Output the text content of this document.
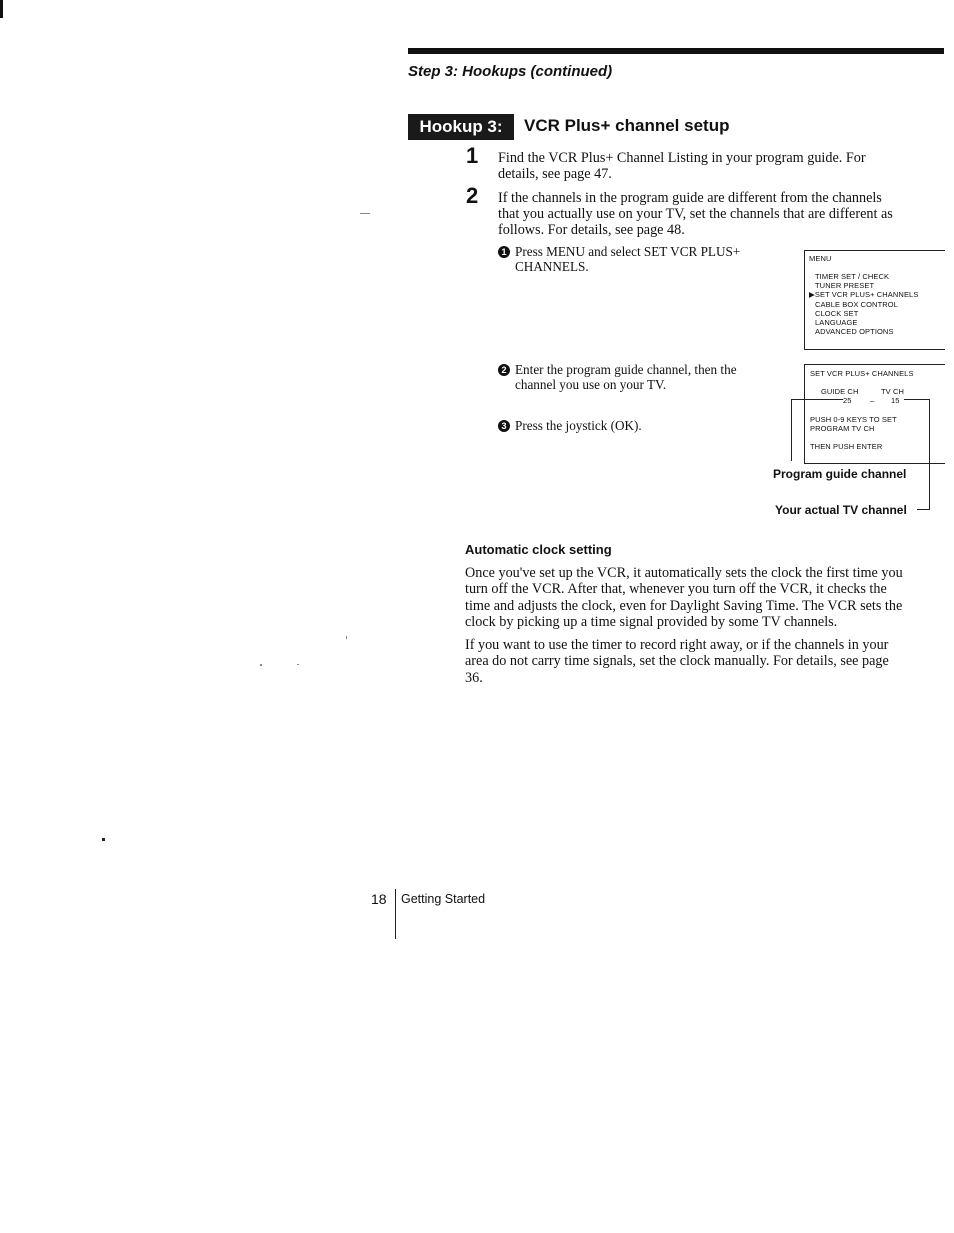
Step 3: Hookups (continued)
Hookup 3:	VCR Plus+ channel setup
1 Find the VCR Plus+ Channel Listing in your program guide. For
details, see page 47.
2 If the channels in the program guide are different from the channels
that you actually use on your TV, set the channels that are different as
follows. For details, see page 48.
1 Press MENU and select SET VCR PLUS+
CHANNELS.
MENU
TIMER SET / CHECK
TUNER PRESET
▶SET VCR PLUS+ CHANNELS
CABLE BOX CONTROL
CLOCK SET
LANGUAGE
ADVANCED OPTIONS
2 Enter the program guide channel, then the
channel you use on your TV.
3 Press the joystick (OK).
SET VCR PLUS+ CHANNELS
GUIDE CH	TV CH
25 – 15
PUSH 0-9 KEYS TO SET
PROGRAM TV CH
THEN PUSH ENTER
Program guide channel
Your actual TV channel
Automatic clock setting
Once you've set up the VCR, it automatically sets the clock the first time you
turn off the VCR. After that, whenever you turn off the VCR, it checks the
time and adjusts the clock, even for Daylight Saving Time. The VCR sets the
clock by picking up a time signal provided by some TV channels.
If you want to use the timer to record right away, or if the channels in your
area do not carry time signals, set the clock manually. For details, see page
36.
18 Getting Started
